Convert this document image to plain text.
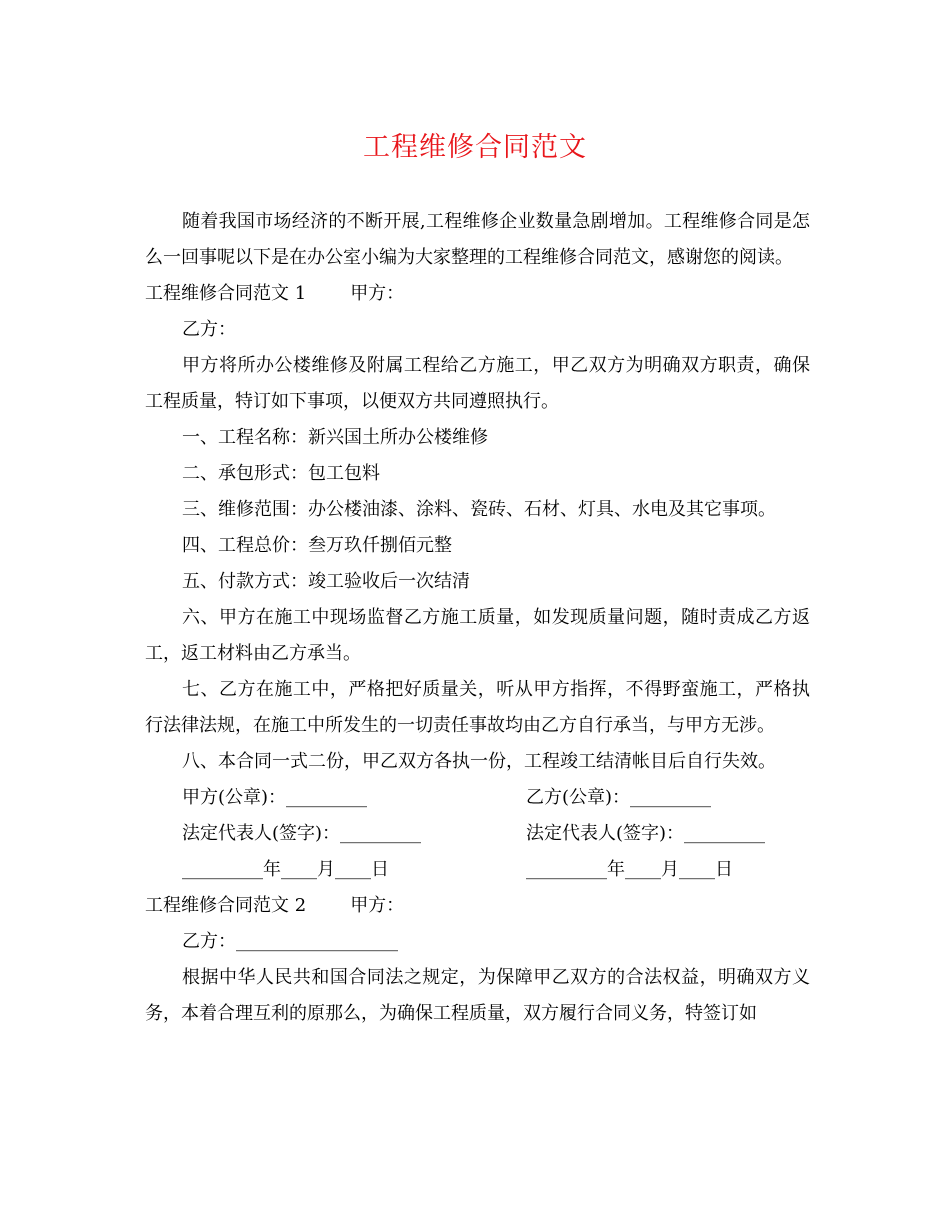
工程维修合同范文

随着我国市场经济的不断开展,工程维修企业数量急剧增加。工程维修合同是怎么一回事呢以下是在办公室小编为大家整理的工程维修合同范文，感谢您的阅读。

工程维修合同范文 1 甲方：

乙方：

甲方将所办公楼维修及附属工程给乙方施工，甲乙双方为明确双方职责，确保工程质量，特订如下事项，以便双方共同遵照执行。

一、工程名称：新兴国土所办公楼维修

二、承包形式：包工包料

三、维修范围：办公楼油漆、涂料、瓷砖、石材、灯具、水电及其它事项。

四、工程总价：叁万玖仟捌佰元整

五、付款方式：竣工验收后一次结清

六、甲方在施工中现场监督乙方施工质量，如发现质量问题，随时责成乙方返工，返工材料由乙方承当。

七、乙方在施工中，严格把好质量关，听从甲方指挥，不得野蛮施工，严格执行法律法规，在施工中所发生的一切责任事故均由乙方自行承当，与甲方无涉。

八、本合同一式二份，甲乙双方各执一份，工程竣工结清帐目后自行失效。

甲方(公章)：_________	乙方(公章)：_________
法定代表人(签字)：_________	法定代表人(签字)：_________
_________年____月____日	_________年____月____日

工程维修合同范文 2 甲方：

乙方：__________________

根据中华人民共和国合同法之规定，为保障甲乙双方的合法权益，明确双方义务，本着合理互利的原那么，为确保工程质量，双方履行合同义务，特签订如
